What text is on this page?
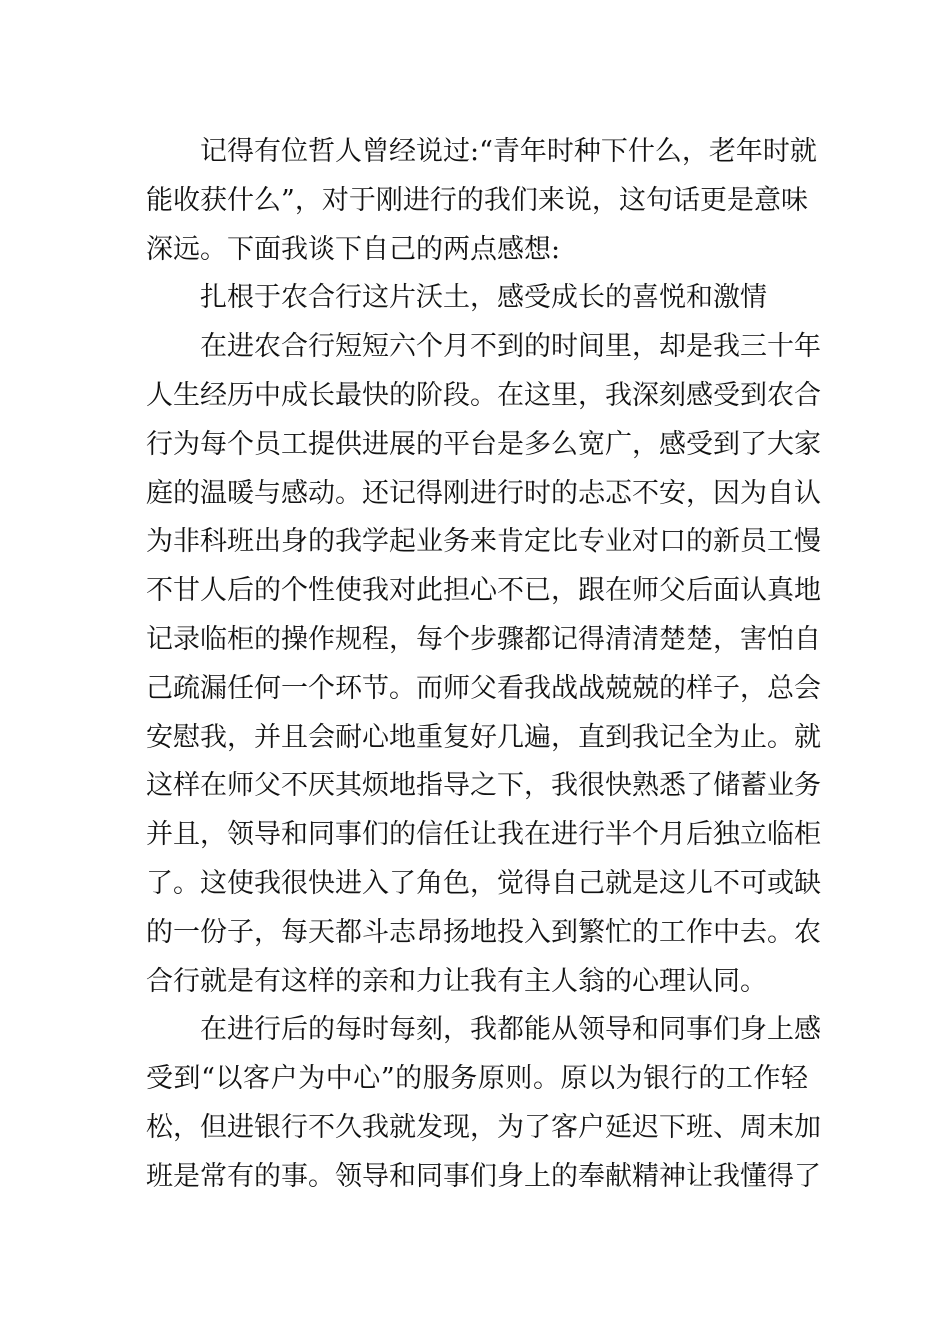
记得有位哲人曾经说过:“青年时种下什么，老年时就
能收获什么”，对于刚进行的我们来说，这句话更是意味
深远。下面我谈下自己的两点感想:
扎根于农合行这片沃土，感受成长的喜悦和激情
在进农合行短短六个月不到的时间里，却是我三十年
人生经历中成长最快的阶段。在这里，我深刻感受到农合
行为每个员工提供进展的平台是多么宽广，感受到了大家
庭的温暖与感动。还记得刚进行时的忐忑不安，因为自认
为非科班出身的我学起业务来肯定比专业对口的新员工慢
不甘人后的个性使我对此担心不已，跟在师父后面认真地
记录临柜的操作规程，每个步骤都记得清清楚楚，害怕自
己疏漏任何一个环节。而师父看我战战兢兢的样子，总会
安慰我，并且会耐心地重复好几遍，直到我记全为止。就
这样在师父不厌其烦地指导之下，我很快熟悉了储蓄业务
并且，领导和同事们的信任让我在进行半个月后独立临柜
了。这使我很快进入了角色，觉得自己就是这儿不可或缺
的一份子，每天都斗志昂扬地投入到繁忙的工作中去。农
合行就是有这样的亲和力让我有主人翁的心理认同。
在进行后的每时每刻，我都能从领导和同事们身上感
受到“以客户为中心”的服务原则。原以为银行的工作轻
松，但进银行不久我就发现，为了客户延迟下班、周末加
班是常有的事。领导和同事们身上的奉献精神让我懂得了
